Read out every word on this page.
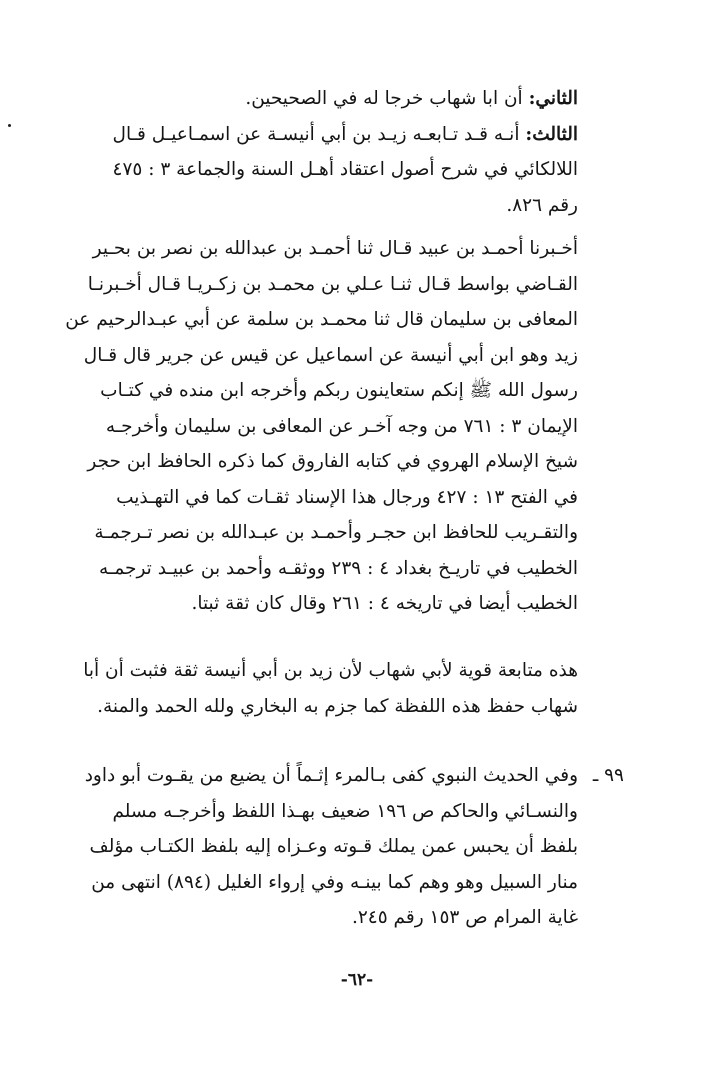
الثاني: أن ابا شهاب خرجا له في الصحيحين.
الثالث: أنـه قـد تـابعـه زيـد بن أبي أنيسـة عن اسمـاعيـل قـال
اللالكائي في شرح أصول اعتقاد أهـل السنة والجماعة ٣ : ٤٧٥
رقم ٨٢٦.
أخـبرنا أحمـد بن عبيد قـال ثنا أحمـد بن عبدالله بن نصر بن بحـير
القـاضي بواسط قـال ثنـا عـلي بن محمـد بن زكـريـا قـال أخـبرنـا
المعافى بن سليمان قال ثنا محمـد بن سلمة عن أبي عبـدالرحيم عن
زيد وهو ابن أبي أنيسة عن اسماعيل عن قيس عن جرير قال قـال
رسول الله ﷺ إنكم ستعاينون ربكم وأخرجه ابن منده في كتـاب
الإيمان ٣ : ٧٦١ من وجه آخـر عن المعافى بن سليمان وأخرجـه
شيخ الإسلام الهروي في كتابه الفاروق كما ذكره الحافظ ابن حجر
في الفتح ١٣ : ٤٢٧ ورجال هذا الإسناد ثقـات كما في التهـذيب
والتقـريب للحافظ ابن حجـر وأحمـد بن عبـدالله بن نصر تـرجمـة
الخطيب في تاريـخ بغداد ٤ : ٢٣٩ ووثقـه وأحمد بن عبيـد ترجمـه
الخطيب أيضا في تاريخه ٤ : ٢٦١ وقال كان ثقة ثبتا.
هذه متابعة قوية لأبي شهاب لأن زيد بن أبي أنيسة ثقة فثبت أن أبا
شهاب حفظ هذه اللفظة كما جزم به البخاري ولله الحمد والمنة.
٩٩ ـ
وفي الحديث النبوي كفى بـالمرء إثـماً أن يضيع من يقـوت أبو داود
والنسـائي والحاكم ص ١٩٦ ضعيف بهـذا اللفظ وأخرجـه مسلم
بلفظ أن يحبس عمن يملك قـوته وعـزاه إليه بلفظ الكتـاب مؤلف
منار السبيل وهو وهم كما بينـه وفي إرواء الغليل (٨٩٤) انتهى من
غاية المرام ص ١٥٣ رقم ٢٤٥.
-٦٢-
